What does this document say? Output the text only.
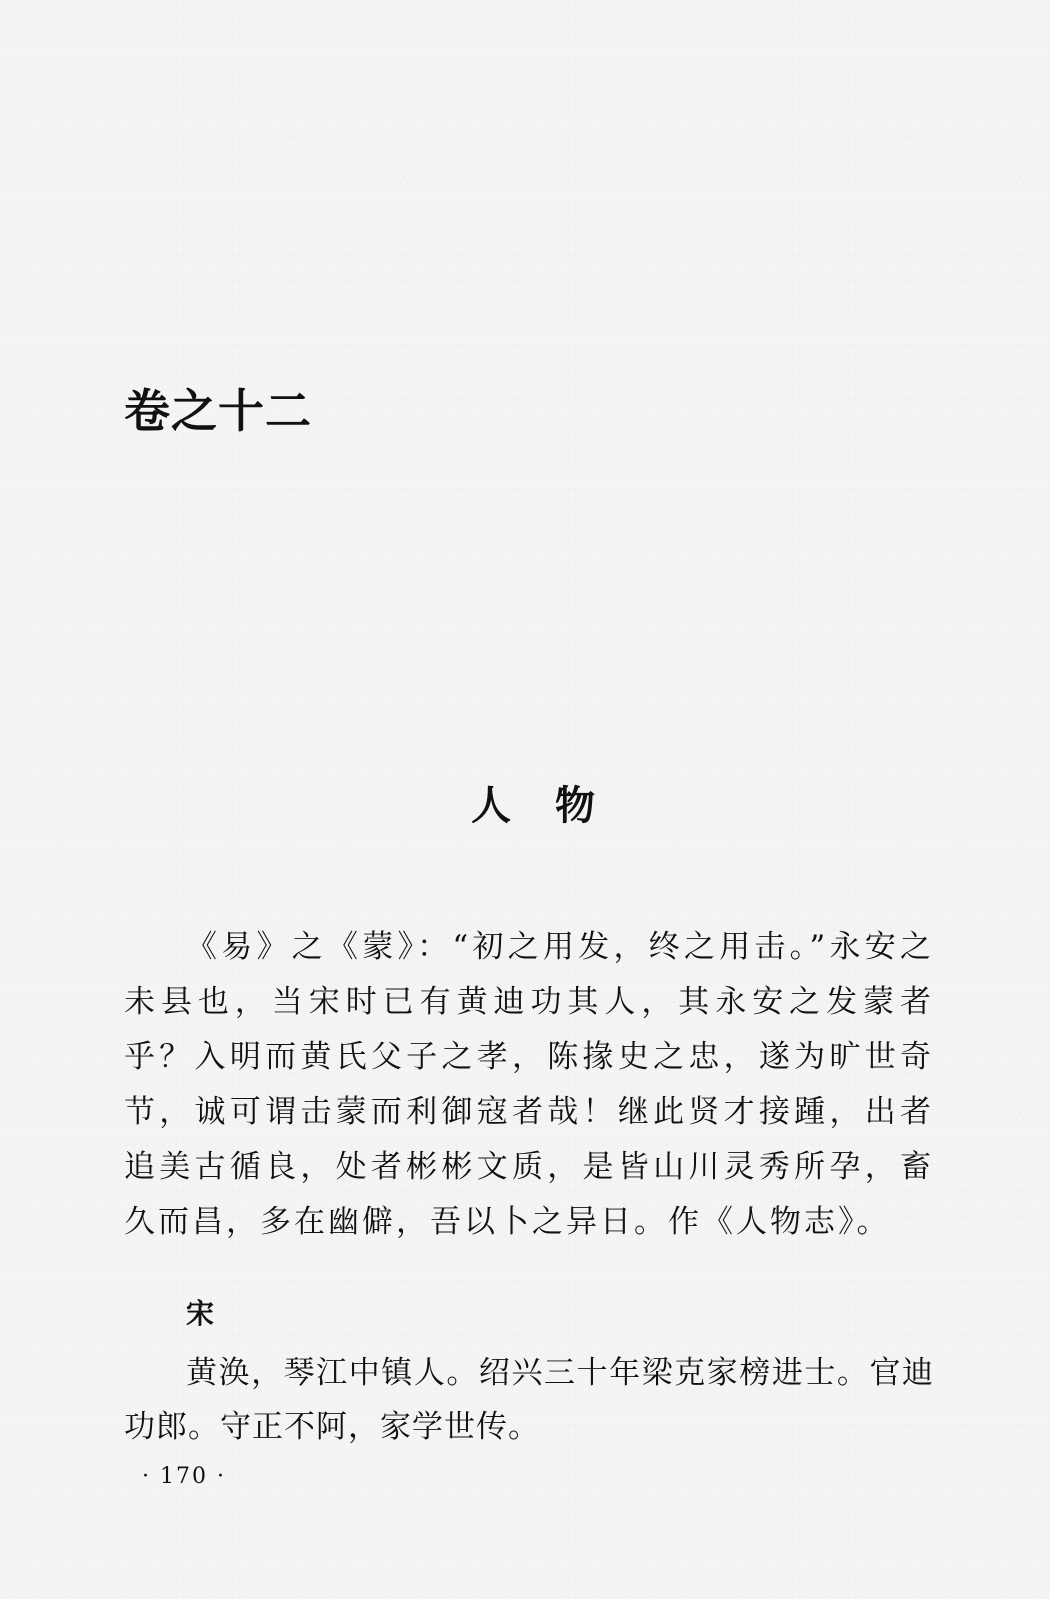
卷之十二
人物

《易》之《蒙》：“初之用发，终之用击。”永安之未县也，当宋时已有黄迪功其人，其永安之发蒙者乎？入明而黄氏父子之孝，陈掾史之忠，遂为旷世奇节，诚可谓击蒙而利御寇者哉！继此贤才接踵，出者追美古循良，处者彬彬文质，是皆山川灵秀所孕，畜久而昌，多在幽僻，吾以卜之异日。作《人物志》。

宋

黄涣，琴江中镇人。绍兴三十年梁克家榜进士。官迪功郎。守正不阿，家学世传。

· 170 ·
